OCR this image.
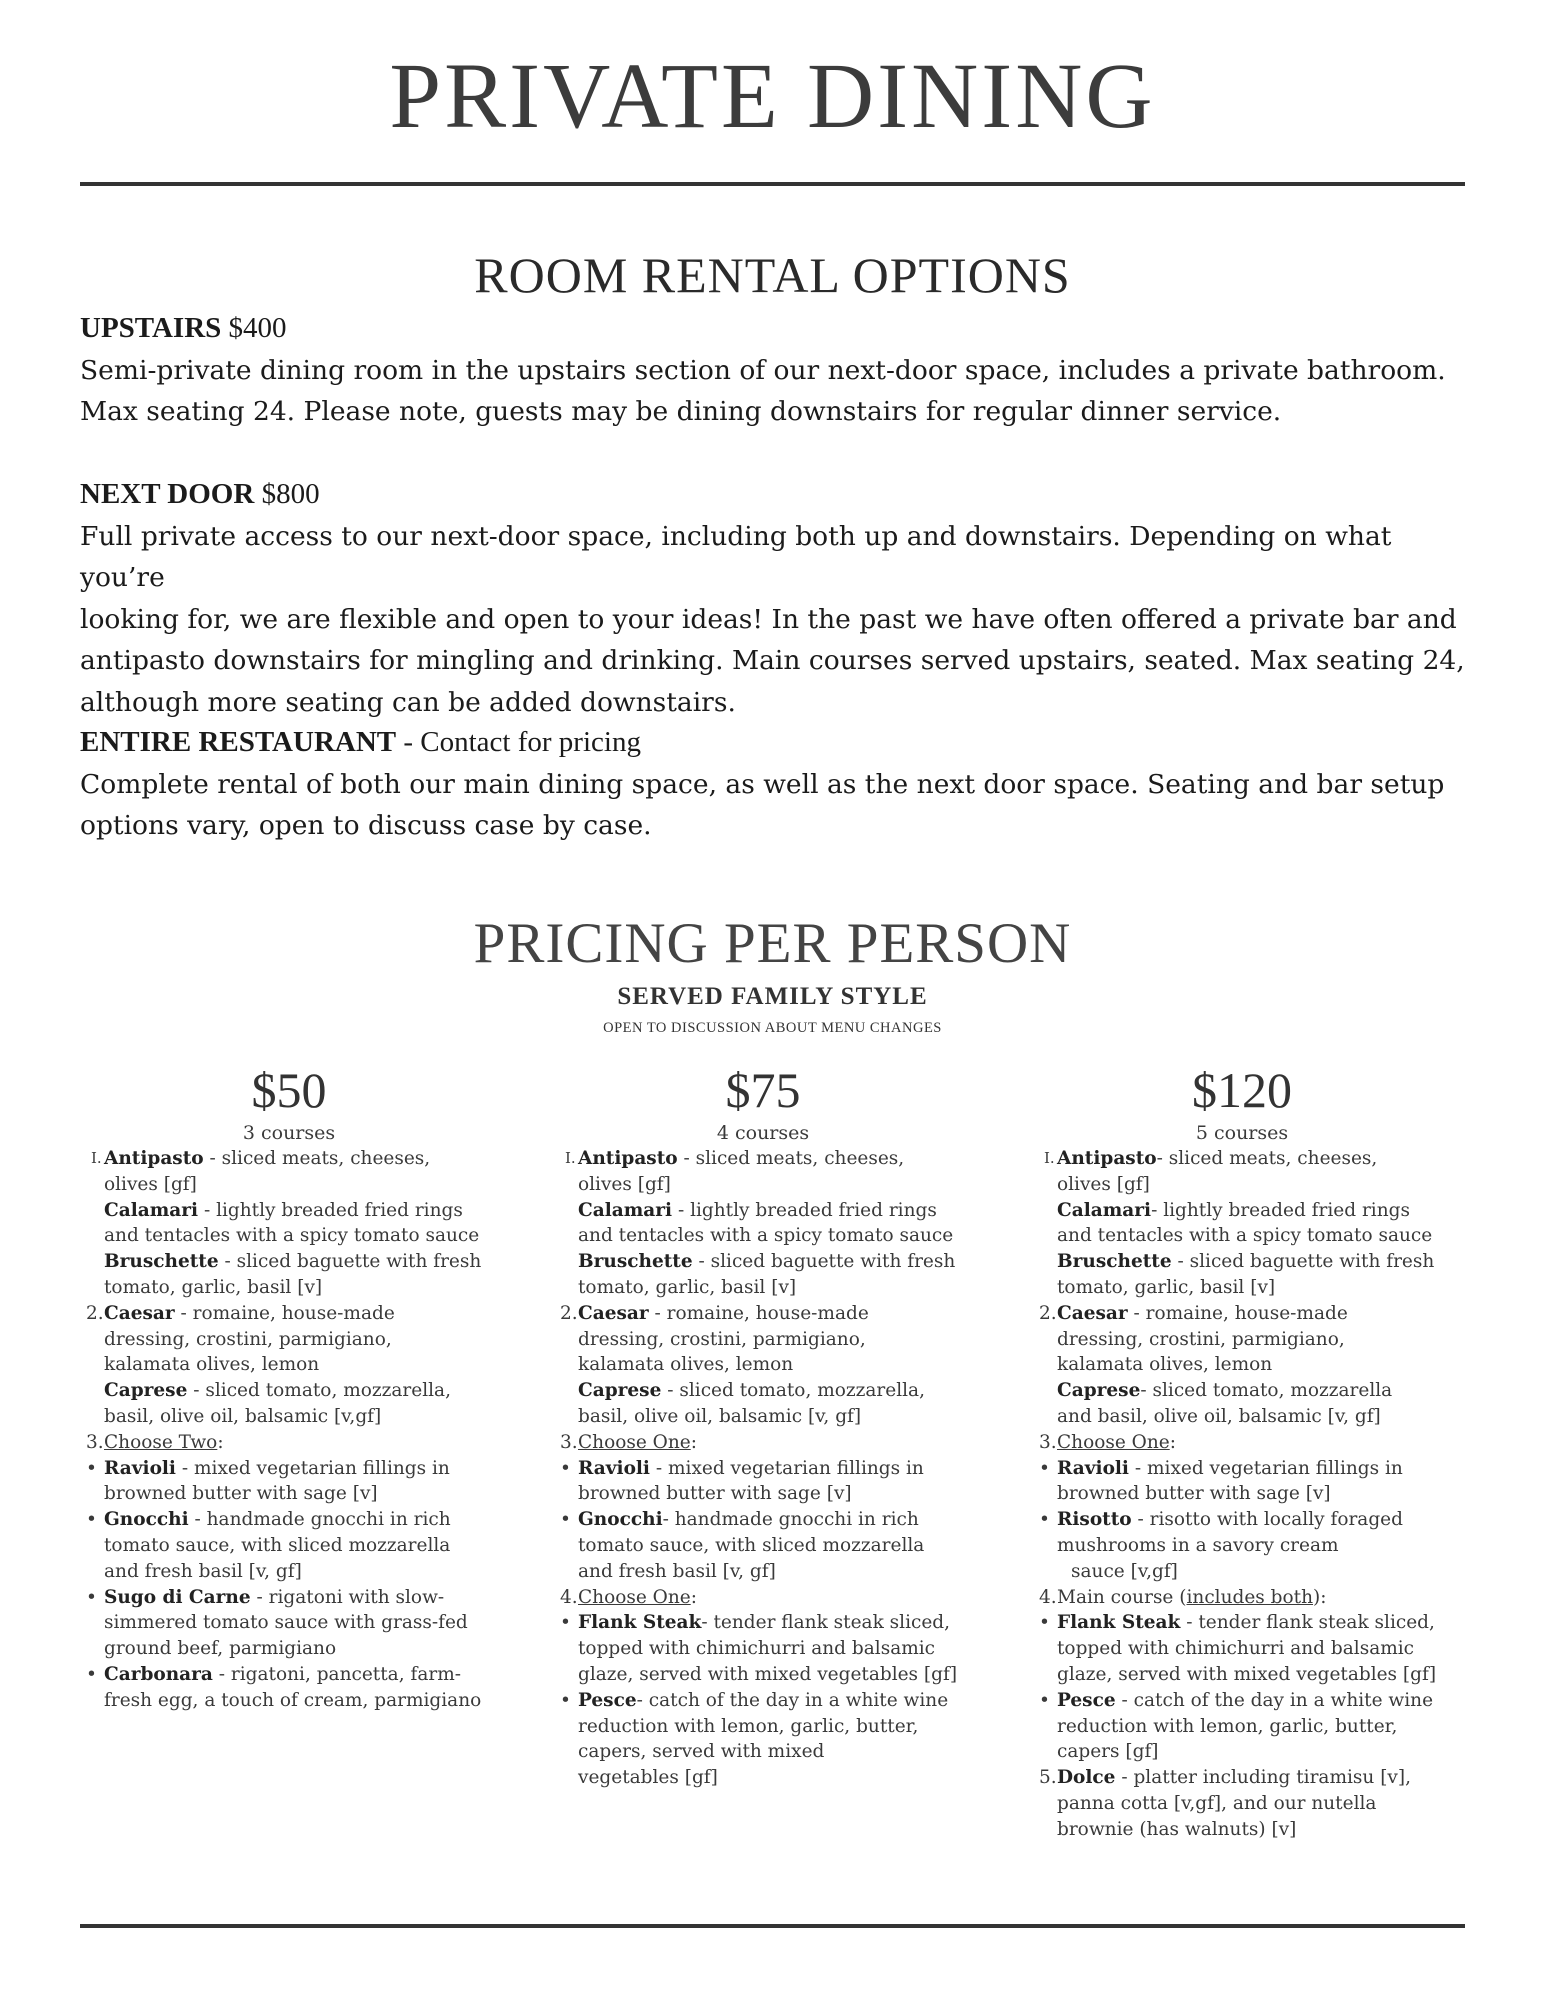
PRIVATE DINING
ROOM RENTAL OPTIONS
UPSTAIRS $400
Semi-private dining room in the upstairs section of our next-door space, includes a private bathroom.
Max seating 24. Please note, guests may be dining downstairs for regular dinner service.
NEXT DOOR $800
Full private access to our next-door space, including both up and downstairs. Depending on what you’re
looking for, we are flexible and open to your ideas! In the past we have often offered a private bar and
antipasto downstairs for mingling and drinking. Main courses served upstairs, seated. Max seating 24,
although more seating can be added downstairs.
ENTIRE RESTAURANT - Contact for pricing
Complete rental of both our main dining space, as well as the next door space. Seating and bar setup
options vary, open to discuss case by case.
PRICING PER PERSON
SERVED FAMILY STYLE
OPEN TO DISCUSSION ABOUT MENU CHANGES
$50
3 courses
I. Antipasto - sliced meats, cheeses,
olives [gf]
Calamari - lightly breaded fried rings
and tentacles with a spicy tomato sauce
Bruschette - sliced baguette with fresh
tomato, garlic, basil [v]
2. Caesar - romaine, house-made
dressing, crostini, parmigiano,
kalamata olives, lemon
Caprese - sliced tomato, mozzarella,
basil, olive oil, balsamic [v,gf]
3. Choose Two:
• Ravioli - mixed vegetarian fillings in
browned butter with sage [v]
• Gnocchi - handmade gnocchi in rich
tomato sauce, with sliced mozzarella
and fresh basil [v, gf]
• Sugo di Carne - rigatoni with slow-
simmered tomato sauce with grass-fed
ground beef, parmigiano
• Carbonara - rigatoni, pancetta, farm-
fresh egg, a touch of cream, parmigiano
$75
4 courses
I. Antipasto - sliced meats, cheeses,
olives [gf]
Calamari - lightly breaded fried rings
and tentacles with a spicy tomato sauce
Bruschette - sliced baguette with fresh
tomato, garlic, basil [v]
2. Caesar - romaine, house-made
dressing, crostini, parmigiano,
kalamata olives, lemon
Caprese - sliced tomato, mozzarella,
basil, olive oil, balsamic [v, gf]
3. Choose One:
• Ravioli - mixed vegetarian fillings in
browned butter with sage [v]
• Gnocchi- handmade gnocchi in rich
tomato sauce, with sliced mozzarella
and fresh basil [v, gf]
4. Choose One:
• Flank Steak- tender flank steak sliced,
topped with chimichurri and balsamic
glaze, served with mixed vegetables [gf]
• Pesce- catch of the day in a white wine
reduction with lemon, garlic, butter,
capers, served with mixed
vegetables [gf]
$120
5 courses
I. Antipasto- sliced meats, cheeses,
olives [gf]
Calamari- lightly breaded fried rings
and tentacles with a spicy tomato sauce
Bruschette - sliced baguette with fresh
tomato, garlic, basil [v]
2. Caesar - romaine, house-made
dressing, crostini, parmigiano,
kalamata olives, lemon
Caprese- sliced tomato, mozzarella
and basil, olive oil, balsamic [v, gf]
3. Choose One:
• Ravioli - mixed vegetarian fillings in
browned butter with sage [v]
• Risotto - risotto with locally foraged
mushrooms in a savory cream
sauce [v,gf]
4. Main course (includes both):
• Flank Steak - tender flank steak sliced,
topped with chimichurri and balsamic
glaze, served with mixed vegetables [gf]
• Pesce - catch of the day in a white wine
reduction with lemon, garlic, butter,
capers [gf]
5. Dolce - platter including tiramisu [v],
panna cotta [v,gf], and our nutella
brownie (has walnuts) [v]
